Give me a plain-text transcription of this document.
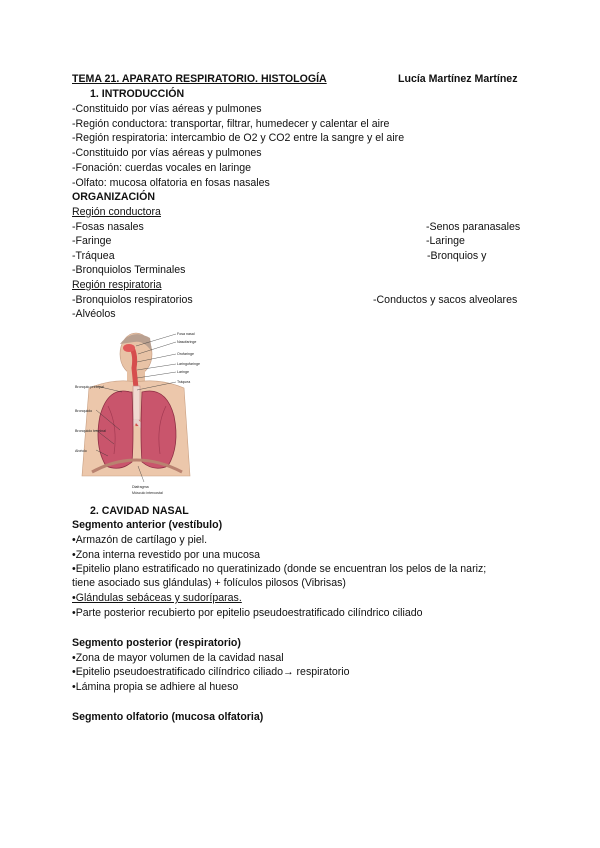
TEMA 21. APARATO RESPIRATORIO. HISTOLOGÍA	Lucía Martínez Martínez
1. INTRODUCCIÓN
-Constituido por vías aéreas y pulmones
-Región conductora: transportar, filtrar, humedecer y calentar el aire
-Región respiratoria: intercambio de O2 y CO2 entre la sangre y el aire
-Constituido por vías aéreas y pulmones
-Fonación: cuerdas vocales en laringe
-Olfato: mucosa olfatoria en fosas nasales
ORGANIZACIÓN
Región conductora
-Fosas nasales
-Faringe
-Tráquea
-Bronquiolos Terminales
-Senos paranasales
-Laringe
-Bronquios y
Región respiratoria
-Bronquiolos respiratorios
-Alvéolos
-Conductos y sacos alveolares
Fosa nasal
Nasofaringe
Orofaringe
Laringofaringe
Laringe
Tráquea
Bronquio principal
Bronquiolo
Bronquiolo terminal
Alvéolo
Diafragma
Músculo intercostal
2. CAVIDAD NASAL
Segmento anterior (vestíbulo)
•Armazón de cartílago y piel.
•Zona interna revestido por una mucosa
•Epitelio plano estratificado no queratinizado (donde se encuentran los pelos de la nariz;
tiene asociado sus glándulas) + folículos pilosos (Vibrisas)
•Glándulas sebáceas y sudoríparas.
•Parte posterior recubierto por epitelio pseudoestratificado cilíndrico ciliado
Segmento posterior (respiratorio)
•Zona de mayor volumen de la cavidad nasal
•Epitelio pseudoestratificado cilíndrico ciliado→ respiratorio
•Lámina propia se adhiere al hueso
Segmento olfatorio (mucosa olfatoria)
